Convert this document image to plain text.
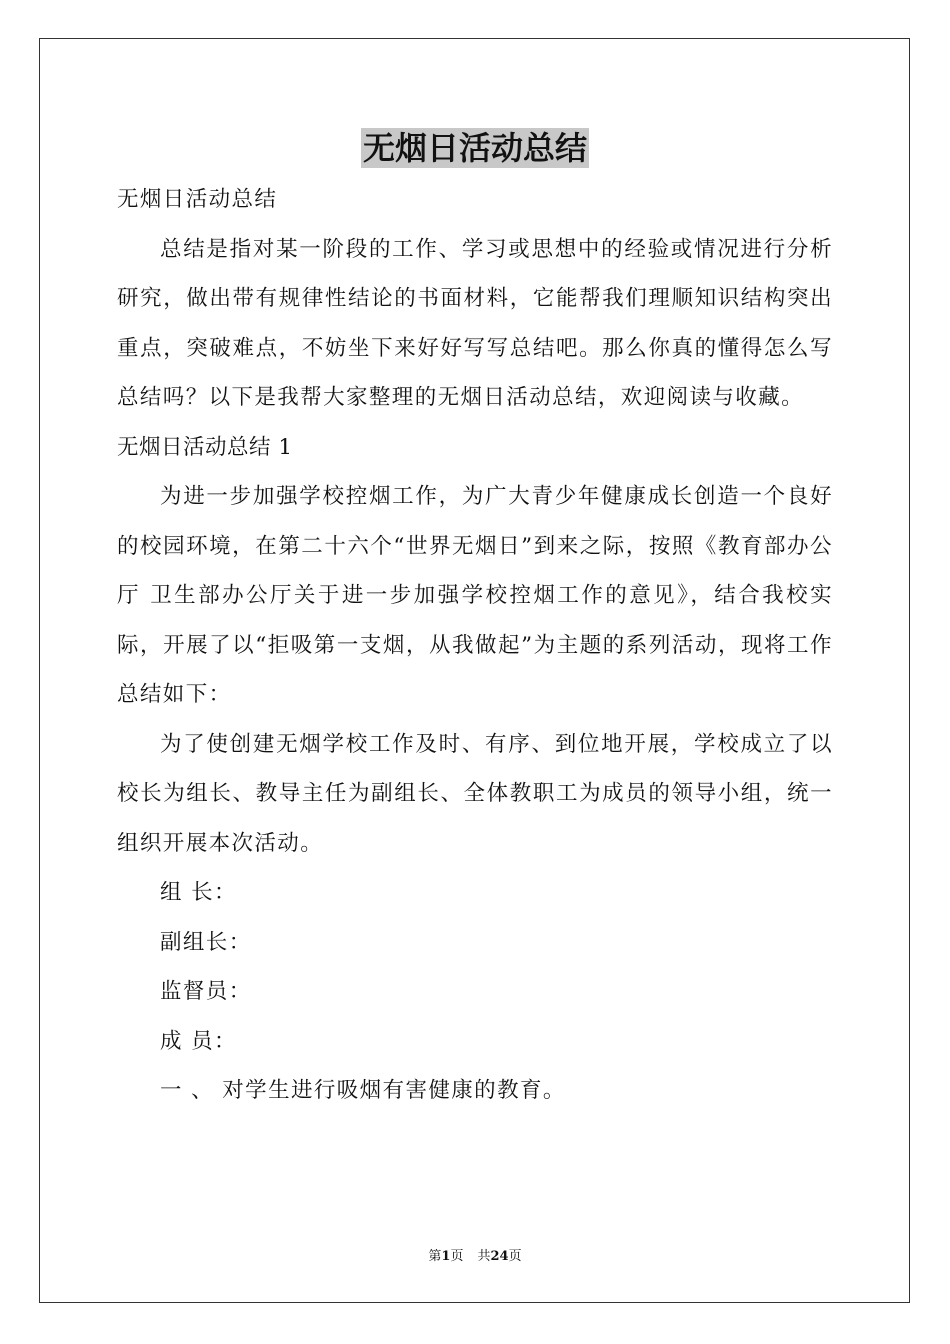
无烟日活动总结

无烟日活动总结

总结是指对某一阶段的工作、学习或思想中的经验或情况进行分析研究，做出带有规律性结论的书面材料，它能帮我们理顺知识结构突出重点，突破难点，不妨坐下来好好写写总结吧。那么你真的懂得怎么写总结吗？以下是我帮大家整理的无烟日活动总结，欢迎阅读与收藏。

无烟日活动总结 1

为进一步加强学校控烟工作，为广大青少年健康成长创造一个良好的校园环境，在第二十六个“世界无烟日”到来之际，按照《教育部办公厅 卫生部办公厅关于进一步加强学校控烟工作的意见》，结合我校实际，开展了以“拒吸第一支烟，从我做起”为主题的系列活动，现将工作总结如下：

为了使创建无烟学校工作及时、有序、到位地开展，学校成立了以校长为组长、教导主任为副组长、全体教职工为成员的领导小组，统一组织开展本次活动。

组 长：

副组长：

监督员：

成 员：

一 、 对学生进行吸烟有害健康的教育。

第1页 共24页
